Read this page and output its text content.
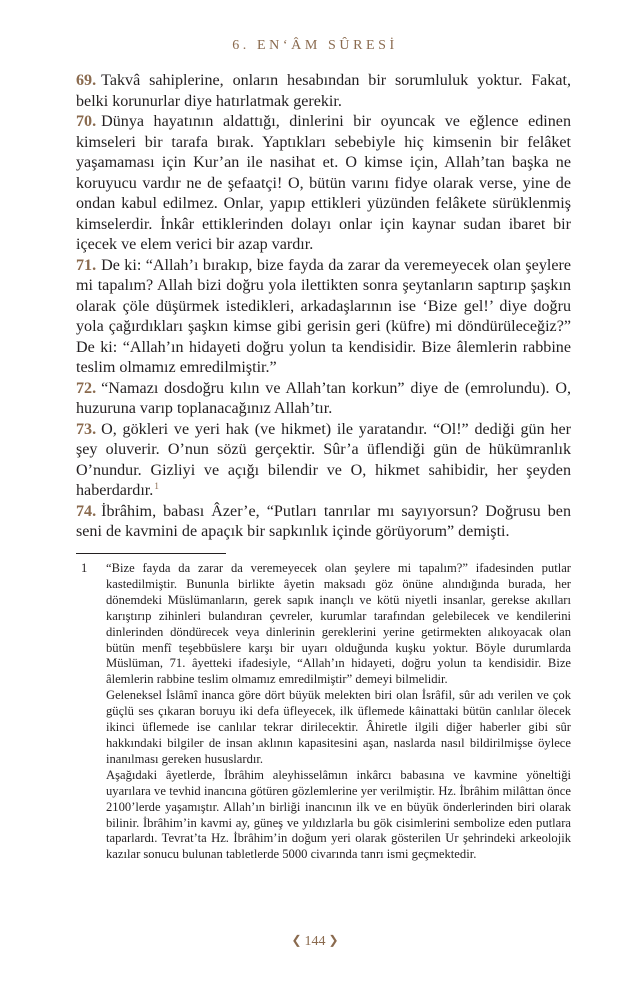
6. EN‘ÂM SÛRESİ

69. Takvâ sahiplerine, onların hesabından bir sorumluluk yoktur. Fakat, belki korunurlar diye hatırlatmak gerekir.

70. Dünya hayatının aldattığı, dinlerini bir oyuncak ve eğlence edinen kimseleri bir tarafa bırak. Yaptıkları sebebiyle hiç kimsenin bir felâket yaşamaması için Kur’an ile nasihat et. O kimse için, Allah’tan başka ne koruyucu vardır ne de şefaatçi! O, bütün varını fidye olarak verse, yine de ondan kabul edilmez. Onlar, yapıp ettikleri yüzünden felâkete sürüklenmiş kimselerdir. İnkâr ettiklerinden dolayı onlar için kaynar sudan ibaret bir içecek ve elem verici bir azap vardır.

71. De ki: “Allah’ı bırakıp, bize fayda da zarar da veremeyecek olan şeylere mi tapalım? Allah bizi doğru yola ilettikten sonra şeytanların saptırıp şaşkın olarak çöle düşürmek istedikleri, arkadaşlarının ise ‘Bize gel!’ diye doğru yola çağırdıkları şaşkın kimse gibi gerisin geri (küfre) mi döndürüleceğiz?” De ki: “Allah’ın hidayeti doğru yolun ta kendisidir. Bize âlemlerin rabbine teslim olmamız emredilmiştir.”

72. “Namazı dosdoğru kılın ve Allah’tan korkun” diye de (emrolundu). O, huzuruna varıp toplanacağınız Allah’tır.

73. O, gökleri ve yeri hak (ve hikmet) ile yaratandır. “Ol!” dediği gün her şey oluverir. O’nun sözü gerçektir. Sûr’a üflendiği gün de hükümranlık O’nundur. Gizliyi ve açığı bilendir ve O, hikmet sahibidir, her şeyden haberdardır.$^1$

74. İbrâhim, babası Âzer’e, “Putları tanrılar mı sayıyorsun? Doğrusu ben seni de kavmini de apaçık bir sapkınlık içinde görüyorum” demişti.

1	“Bize fayda da zarar da veremeyecek olan şeylere mi tapalım?” ifadesinden putlar kastedilmiştir. Bununla birlikte âyetin maksadı göz önüne alındığında burada, her dönemdeki Müslümanların, gerek sapık inançlı ve kötü niyetli insanlar, gerekse akılları karıştırıp zihinleri bulandıran çevreler, kurumlar tarafından gelebilecek ve kendilerini dinlerinden döndürecek veya dinlerinin gereklerini yerine getirmekten alıkoyacak olan bütün menfî teşebbüslere karşı bir uyarı olduğunda kuşku yoktur. Böyle durumlarda Müslüman, 71. âyetteki ifadesiyle, “Allah’ın hidayeti, doğru yolun ta kendisidir. Bize âlemlerin rabbine teslim olmamız emredilmiştir” demeyi bilmelidir.

Geleneksel İslâmî inanca göre dört büyük melekten biri olan İsrâfil, sûr adı verilen ve çok güçlü ses çıkaran boruyu iki defa üfleyecek, ilk üflemede kâinattaki bütün canlılar ölecek ikinci üflemede ise canlılar tekrar dirilecektir. Âhiretle ilgili diğer haberler gibi sûr hakkındaki bilgiler de insan aklının kapasitesini aşan, naslarda nasıl bildirilmişse öylece inanılması gereken hususlardır.

Aşağıdaki âyetlerde, İbrâhim aleyhisselâmın inkârcı babasına ve kavmine yöneltiği uyarılara ve tevhid inancına götüren gözlemlerine yer verilmiştir. Hz. İbrâhim milâttan önce 2100’lerde yaşamıştır. Allah’ın birliği inancının ilk ve en büyük önderlerinden biri olarak bilinir. İbrâhim’in kavmi ay, güneş ve yıldızlarla bu gök cisimlerini sembolize eden putlara taparlardı. Tevrat’ta Hz. İbrâhim’in doğum yeri olarak gösterilen Ur şehrindeki arkeolojik kazılar sonucu bulunan tabletlerde 5000 civarında tanrı ismi geçmektedir.

❮ 144 ❯
